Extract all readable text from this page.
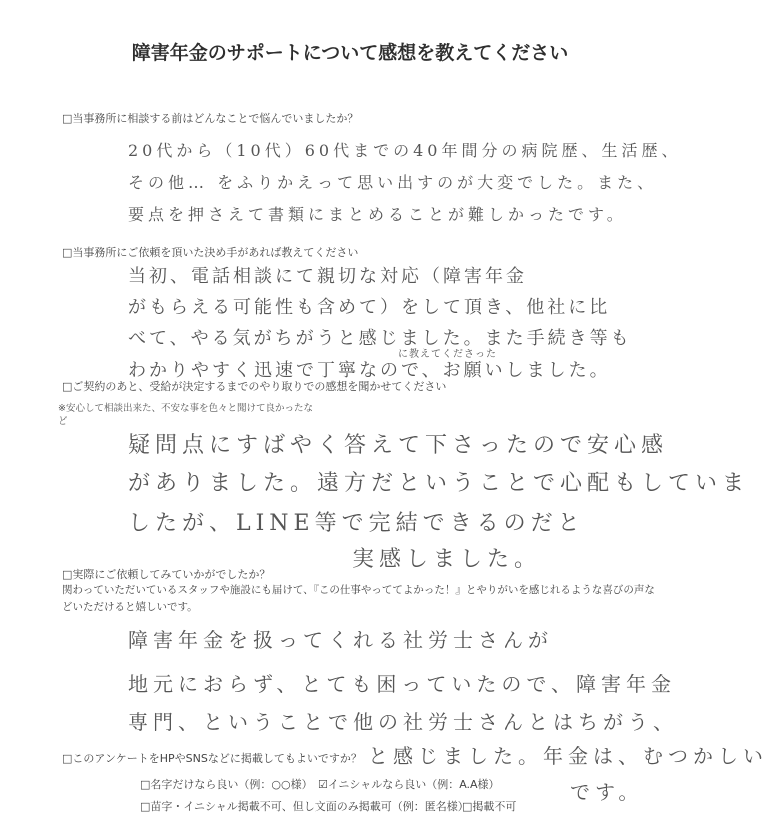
障害年金のサポートについて感想を教えてください
□当事務所に相談する前はどんなことで悩んでいましたか？
20代から（10代）60代までの40年間分の病院歴、生活歴、
その他… をふりかえって思い出すのが大変でした。また、
要点を押さえて書類にまとめることが難しかったです。
□当事務所にご依頼を頂いた決め手があれば教えてください
当初、電話相談にて親切な対応（障害年金
がもらえる可能性も含めて）をして頂き、他社に比
べて、やる気がちがうと感じました。また手続き等も
に教えてくださった
わかりやすく迅速で丁寧なので、お願いしました。
□ご契約のあと、受給が決定するまでのやり取りでの感想を聞かせてください
※安心して相談出来た、不安な事を色々と聞けて良かったな
ど
疑問点にすばやく答えて下さったので安心感
がありました。遠方だということで心配もしていま
したが、LINE等で完結できるのだと
実感しました。
□実際にご依頼してみていかがでしたか？
関わっていただいているスタッフや施設にも届けて、『この仕事やっててよかった！』とやりがいを感じれるような喜びの声などいただけると嬉しいです。
障害年金を扱ってくれる社労士さんが
地元におらず、とても困っていたので、障害年金
専門、ということで他の社労士さんとはちがう、
と感じました。年金は、むつかしい
です。
□このアンケートをHPやSNSなどに掲載してもよいですか？
□名字だけなら良い（例：○○様） ☑イニシャルなら良い（例：A.A様）
□苗字・イニシャル掲載不可、但し文面のみ掲載可（例：匿名様）
□掲載不可
